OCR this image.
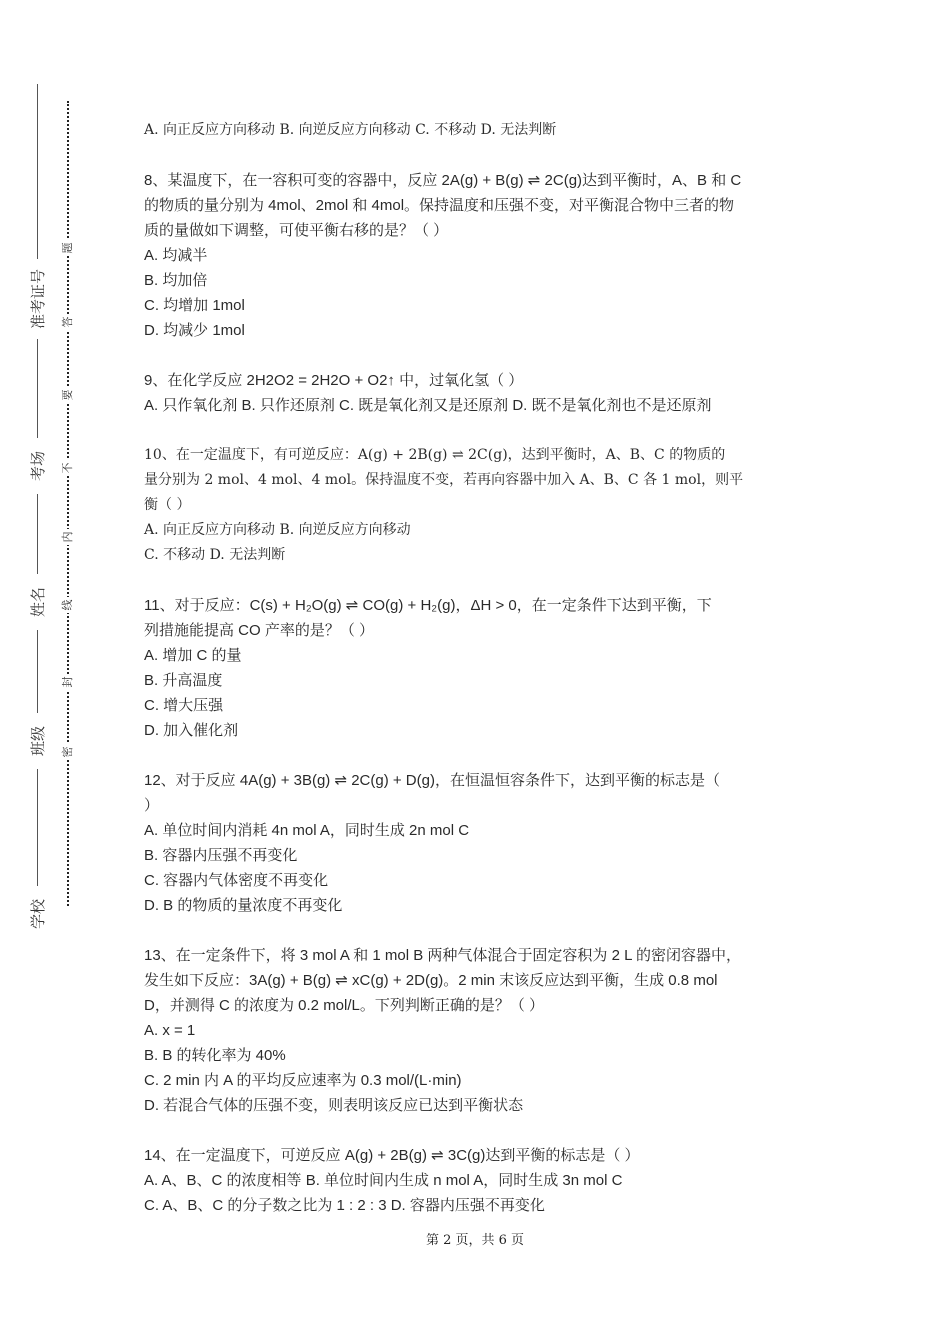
准考证号
考场
姓名
班级
学校
题
答
要
不
内
线
封
密
A. 向正反应方向移动 B. 向逆反应方向移动 C. 不移动 D. 无法判断
8、某温度下，在一容积可变的容器中，反应 2A(g) + B(g) ⇌ 2C(g)达到平衡时，A、B 和 C
的物质的量分别为 4mol、2mol 和 4mol。保持温度和压强不变，对平衡混合物中三者的物
质的量做如下调整，可使平衡右移的是？（ ）
A. 均减半
B. 均加倍
C. 均增加 1mol
D. 均减少 1mol
9、在化学反应 2H2O2 = 2H2O + O2↑ 中，过氧化氢（ ）
A. 只作氧化剂 B. 只作还原剂 C. 既是氧化剂又是还原剂 D. 既不是氧化剂也不是还原剂
10、在一定温度下，有可逆反应：A(g) + 2B(g) ⇌ 2C(g)，达到平衡时，A、B、C 的物质的
量分别为 2 mol、4 mol、4 mol。保持温度不变，若再向容器中加入 A、B、C 各 1 mol，则平
衡（ ）
A. 向正反应方向移动 B. 向逆反应方向移动
C. 不移动 D. 无法判断
11、对于反应：C(s) + H₂O(g) ⇌ CO(g) + H₂(g)，ΔH > 0，在一定条件下达到平衡，下
列措施能提高 CO 产率的是？（ ）
A. 增加 C 的量
B. 升高温度
C. 增大压强
D. 加入催化剂
12、对于反应 4A(g) + 3B(g) ⇌ 2C(g) + D(g)，在恒温恒容条件下，达到平衡的标志是（
）
A. 单位时间内消耗 4n mol A，同时生成 2n mol C
B. 容器内压强不再变化
C. 容器内气体密度不再变化
D. B 的物质的量浓度不再变化
13、在一定条件下，将 3 mol A 和 1 mol B 两种气体混合于固定容积为 2 L 的密闭容器中，
发生如下反应：3A(g) + B(g) ⇌ xC(g) + 2D(g)。2 min 末该反应达到平衡，生成 0.8 mol
D，并测得 C 的浓度为 0.2 mol/L。下列判断正确的是？（ ）
A. x = 1
B. B 的转化率为 40%
C. 2 min 内 A 的平均反应速率为 0.3 mol/(L·min)
D. 若混合气体的压强不变，则表明该反应已达到平衡状态
14、在一定温度下，可逆反应 A(g) + 2B(g) ⇌ 3C(g)达到平衡的标志是（ ）
A. A、B、C 的浓度相等 B. 单位时间内生成 n mol A，同时生成 3n mol C
C. A、B、C 的分子数之比为 1 : 2 : 3 D. 容器内压强不再变化
第 2 页，共 6 页
